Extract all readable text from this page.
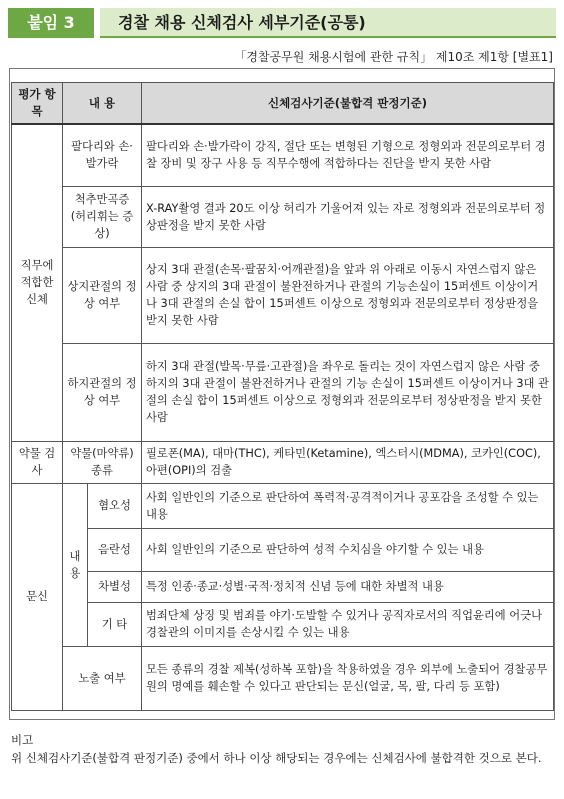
붙임 3	경찰 채용 신체검사 세부기준(공통)
「경찰공무원 채용시험에 관한 규칙」 제10조 제1항 [별표1]
평가 항목	내 용		신체검사기준(불합격 판정기준)
직무에 적합한 신체	팔다리와 손·발가락		팔다리와 손·발가락이 강직, 절단 또는 변형된 기형으로 정형외과 전문의로부터 경찰 장비 및 장구 사용 등 직무수행에 적합하다는 진단을 받지 못한 사람
	척추만곡증 (허리휘는 증상)		X-RAY촬영 결과 20도 이상 허리가 기울어져 있는 자로 정형외과 전문의로부터 정상판정을 받지 못한 사람
	상지관절의 정상 여부		상지 3대 관절(손목·팔꿈치·어깨관절)을 앞과 위 아래로 이동시 자연스럽지 않은 사람 중 상지의 3대 관절이 불완전하거나 관절의 기능손실이 15퍼센트 이상이거나 3대 관절의 손실 합이 15퍼센트 이상으로 정형외과 전문의로부터 정상판정을 받지 못한 사람
	하지관절의 정상 여부		하지 3대 관절(발목·무릎·고관절)을 좌우로 돌리는 것이 자연스럽지 않은 사람 중 하지의 3대 관절이 불완전하거나 관절의 기능 손실이 15퍼센트 이상이거나 3대 관절의 손실 합이 15퍼센트 이상으로 정형외과 전문의로부터 정상판정을 받지 못한 사람
약물 검사	약물(마약류) 종류		필로폰(MA), 대마(THC), 케타민(Ketamine), 엑스터시(MDMA), 코카인(COC), 아편(OPI)의 검출
문신	내용	혐오성	사회 일반인의 기준으로 판단하여 폭력적·공격적이거나 공포감을 조성할 수 있는 내용
		음란성	사회 일반인의 기준으로 판단하여 성적 수치심을 야기할 수 있는 내용
		차별성	특정 인종·종교·성별·국적·정치적 신념 등에 대한 차별적 내용
		기 타	범죄단체 상징 및 범죄를 야기·도발할 수 있거나 공직자로서의 직업윤리에 어긋나 경찰관의 이미지를 손상시킬 수 있는 내용
	노출 여부		모든 종류의 경찰 제복(성하복 포함)을 착용하였을 경우 외부에 노출되어 경찰공무원의 명예를 훼손할 수 있다고 판단되는 문신(얼굴, 목, 팔, 다리 등 포함)
비고
위 신체검사기준(불합격 판정기준) 중에서 하나 이상 해당되는 경우에는 신체검사에 불합격한 것으로 본다.
